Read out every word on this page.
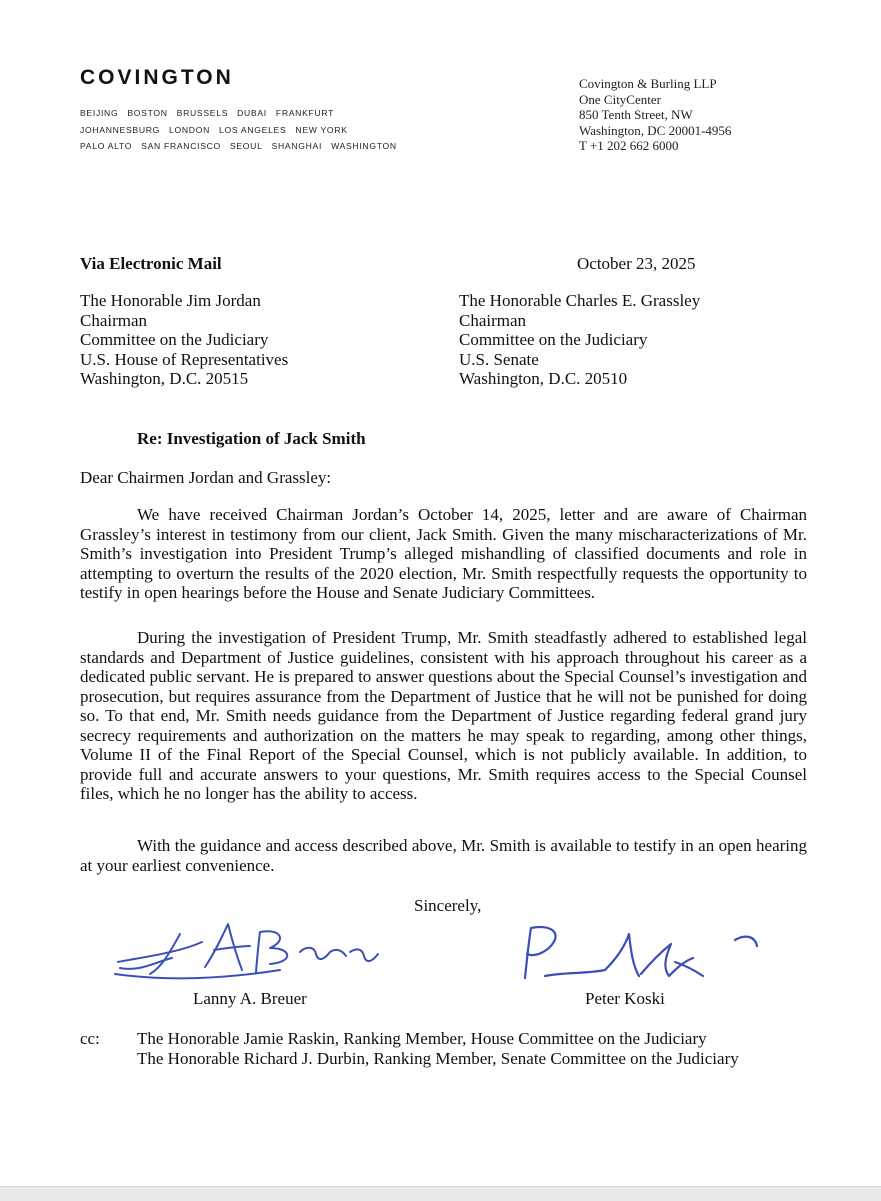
COVINGTON
BEIJING BOSTON BRUSSELS DUBAI FRANKFURT
JOHANNESBURG LONDON LOS ANGELES NEW YORK
PALO ALTO SAN FRANCISCO SEOUL SHANGHAI WASHINGTON
Covington & Burling LLP
One CityCenter
850 Tenth Street, NW
Washington, DC 20001-4956
T +1 202 662 6000
Via Electronic Mail	October 23, 2025
The Honorable Jim Jordan
Chairman
Committee on the Judiciary
U.S. House of Representatives
Washington, D.C. 20515
The Honorable Charles E. Grassley
Chairman
Committee on the Judiciary
U.S. Senate
Washington, D.C. 20510
Re: Investigation of Jack Smith
Dear Chairmen Jordan and Grassley:
We have received Chairman Jordan’s October 14, 2025, letter and are aware of Chairman Grassley’s interest in testimony from our client, Jack Smith. Given the many mischaracterizations of Mr. Smith’s investigation into President Trump’s alleged mishandling of classified documents and role in attempting to overturn the results of the 2020 election, Mr. Smith respectfully requests the opportunity to testify in open hearings before the House and Senate Judiciary Committees.
During the investigation of President Trump, Mr. Smith steadfastly adhered to established legal standards and Department of Justice guidelines, consistent with his approach throughout his career as a dedicated public servant. He is prepared to answer questions about the Special Counsel’s investigation and prosecution, but requires assurance from the Department of Justice that he will not be punished for doing so. To that end, Mr. Smith needs guidance from the Department of Justice regarding federal grand jury secrecy requirements and authorization on the matters he may speak to regarding, among other things, Volume II of the Final Report of the Special Counsel, which is not publicly available. In addition, to provide full and accurate answers to your questions, Mr. Smith requires access to the Special Counsel files, which he no longer has the ability to access.
With the guidance and access described above, Mr. Smith is available to testify in an open hearing at your earliest convenience.
Sincerely,
Lanny A. Breuer	Peter Koski
cc: The Honorable Jamie Raskin, Ranking Member, House Committee on the Judiciary
The Honorable Richard J. Durbin, Ranking Member, Senate Committee on the Judiciary
